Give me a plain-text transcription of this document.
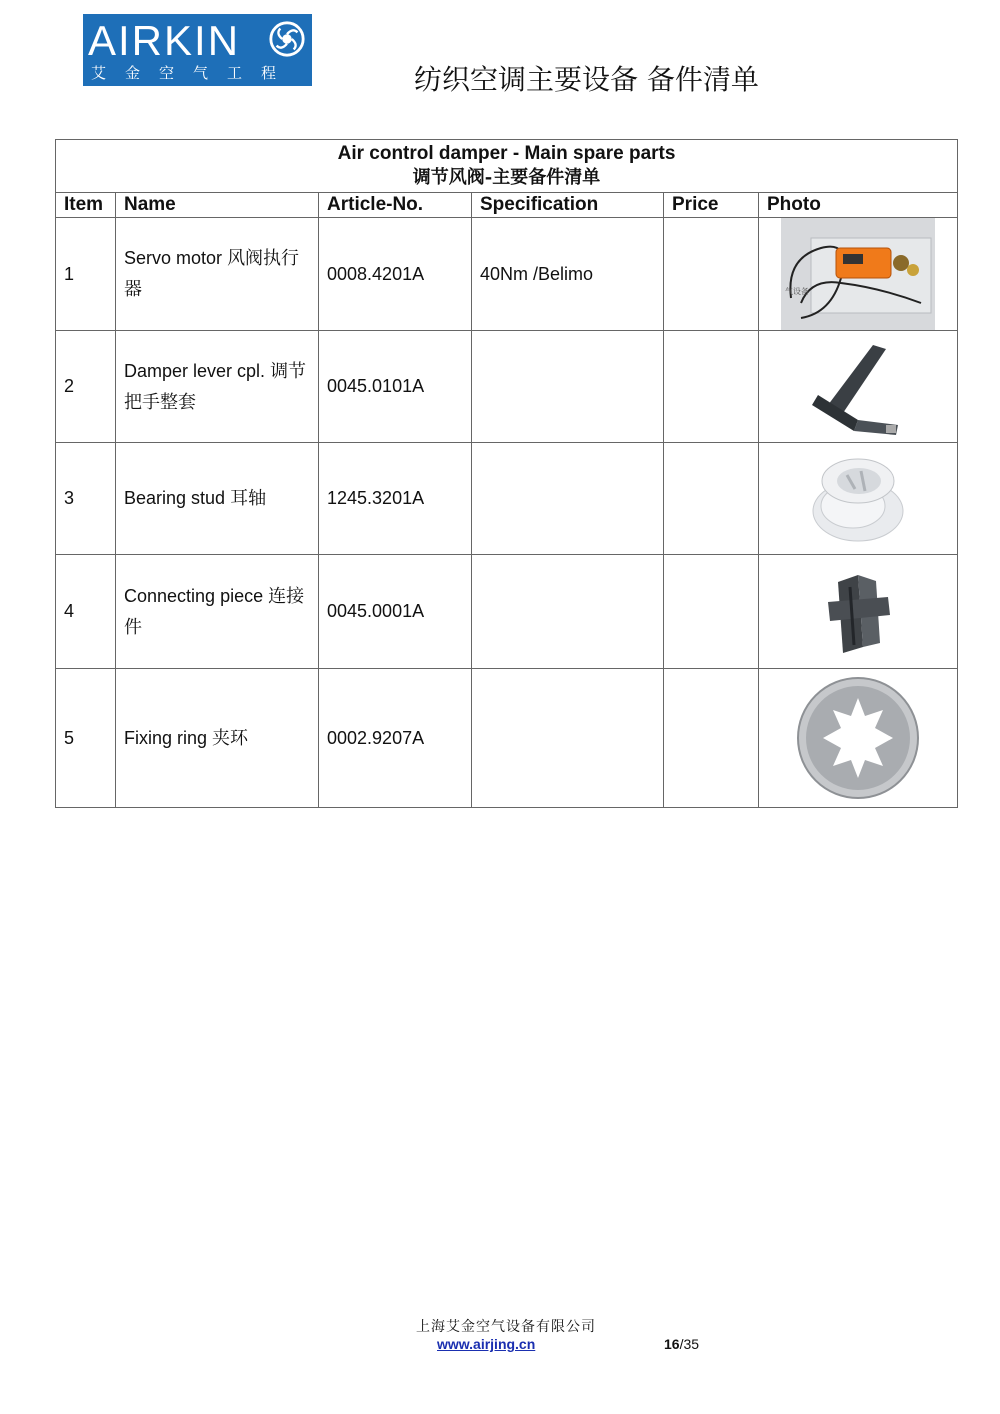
AIRKIN
艾金空气工程	纺织空调主要设备 备件清单
Air control damper - Main spare parts
调节风阀-主要备件清单					

Item	Name	Article-No.	Specification	Price	Photo
1	Servo motor 风阀执行器	0008.4201A	40Nm /Belimo		气设备

2	Damper lever cpl. 调节把手整套	0045.0101A			

3	Bearing stud 耳轴	1245.3201A			

4	Connecting piece 连接件	0045.0001A			

5	Fixing ring 夹环	0002.9207A			
上海艾金空气设备有限公司
www.airjing.cn	16/35
